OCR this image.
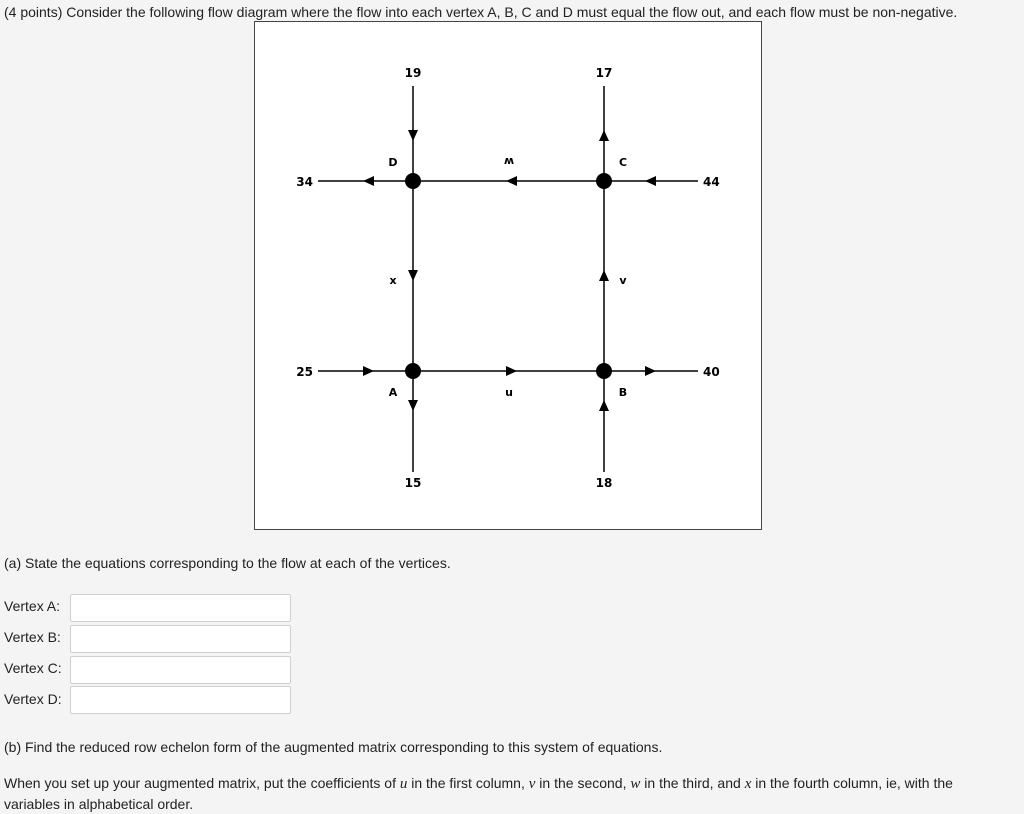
(4 points) Consider the following flow diagram where the flow into each vertex A, B, C and D must equal the flow out, and each flow must be non-negative.
19	17
34	44
25	40
15	18
D	C
A	B
w
x	v
u
(a) State the equations corresponding to the flow at each of the vertices.
Vertex A:
Vertex B:
Vertex C:
Vertex D:
(b) Find the reduced row echelon form of the augmented matrix corresponding to this system of equations.
When you set up your augmented matrix, put the coefficients of u in the first column, v in the second, w in the third, and x in the fourth column, ie, with the variables in alphabetical order.
